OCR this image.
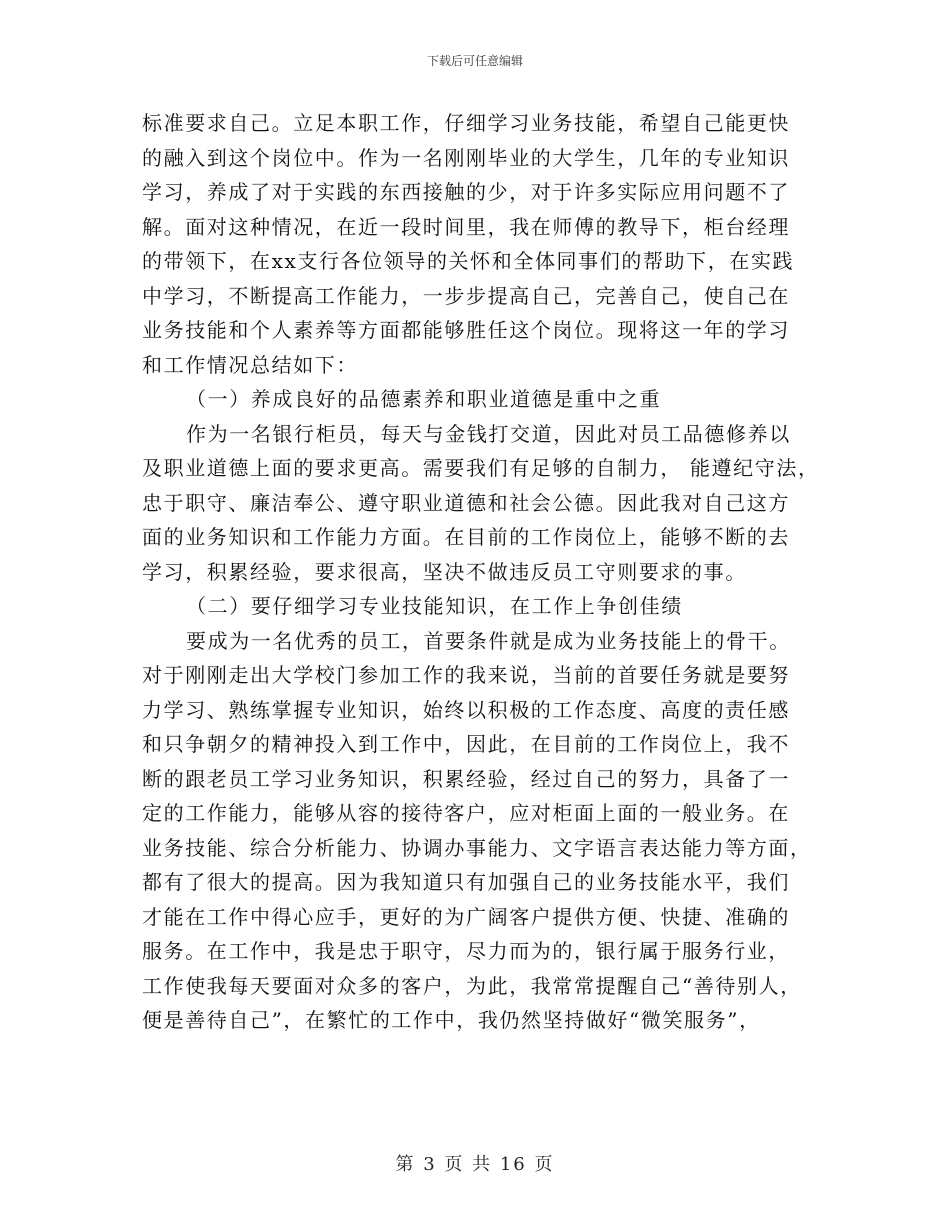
下载后可任意编辑
标准要求自己。立足本职工作，仔细学习业务技能，希望自己能更快
的融入到这个岗位中。作为一名刚刚毕业的大学生，几年的专业知识
学习，养成了对于实践的东西接触的少，对于许多实际应用问题不了
解。面对这种情况，在近一段时间里，我在师傅的教导下，柜台经理
的带领下，在xx支行各位领导的关怀和全体同事们的帮助下，在实践
中学习，不断提高工作能力，一步步提高自己，完善自己，使自己在
业务技能和个人素养等方面都能够胜任这个岗位。现将这一年的学习
和工作情况总结如下：
（一）养成良好的品德素养和职业道德是重中之重
作为一名银行柜员，每天与金钱打交道，因此对员工品德修养以
及职业道德上面的要求更高。需要我们有足够的自制力， 能遵纪守法，
忠于职守、廉洁奉公、遵守职业道德和社会公德。因此我对自己这方
面的业务知识和工作能力方面。在目前的工作岗位上，能够不断的去
学习，积累经验，要求很高，坚决不做违反员工守则要求的事。
（二）要仔细学习专业技能知识，在工作上争创佳绩
要成为一名优秀的员工，首要条件就是成为业务技能上的骨干。
对于刚刚走出大学校门参加工作的我来说，当前的首要任务就是要努
力学习、熟练掌握专业知识，始终以积极的工作态度、高度的责任感
和只争朝夕的精神投入到工作中，因此，在目前的工作岗位上，我不
断的跟老员工学习业务知识，积累经验，经过自己的努力，具备了一
定的工作能力，能够从容的接待客户，应对柜面上面的一般业务。在
业务技能、综合分析能力、协调办事能力、文字语言表达能力等方面，
都有了很大的提高。因为我知道只有加强自己的业务技能水平，我们
才能在工作中得心应手，更好的为广阔客户提供方便、快捷、准确的
服务。在工作中，我是忠于职守，尽力而为的，银行属于服务行业，
工作使我每天要面对众多的客户，为此，我常常提醒自己“善待别人，
便是善待自己”，在繁忙的工作中，我仍然坚持做好“微笑服务”，
第 3 页 共 16 页
